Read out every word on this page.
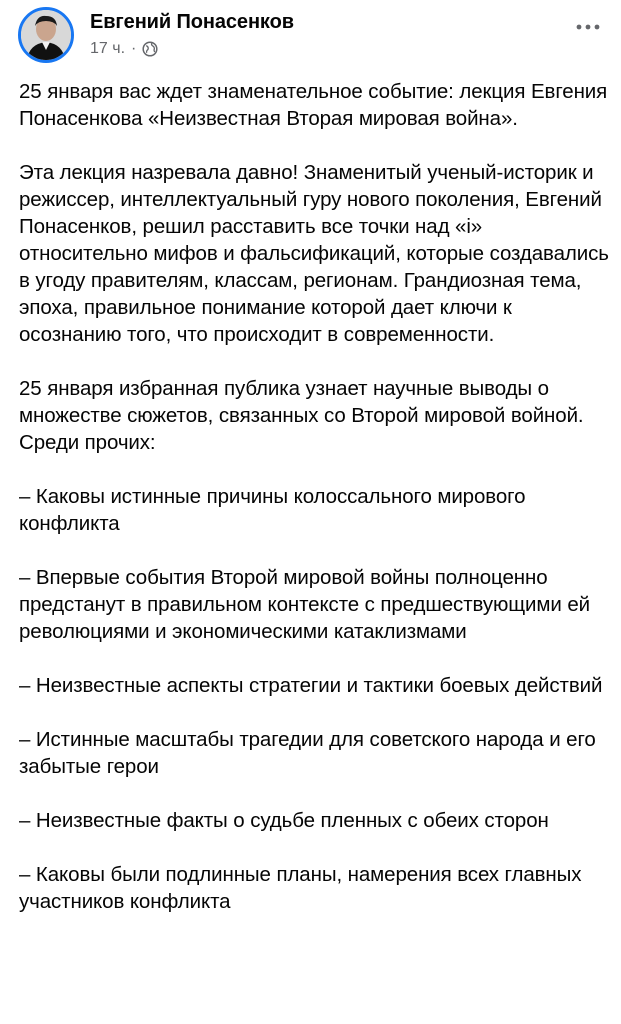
Евгений Понасенков
17 ч. ·

25 января вас ждет знаменательное событие: лекция Евгения Понасенкова «Неизвестная Вторая мировая война».

Эта лекция назревала давно! Знаменитый ученый-историк и режиссер, интеллектуальный гуру нового поколения, Евгений Понасенков, решил расставить все точки над «i» относительно мифов и фальсификаций, которые создавались в угоду правителям, классам, регионам. Грандиозная тема, эпоха, правильное понимание которой дает ключи к осознанию того, что происходит в современности.

25 января избранная публика узнает научные выводы о множестве сюжетов, связанных со Второй мировой войной. Среди прочих:

– Каковы истинные причины колоссального мирового конфликта

– Впервые события Второй мировой войны полноценно предстанут в правильном контексте с предшествующими ей революциями и экономическими катаклизмами

– Неизвестные аспекты стратегии и тактики боевых действий

– Истинные масштабы трагедии для советского народа и его забытые герои

– Неизвестные факты о судьбе пленных с обеих сторон

– Каковы были подлинные планы, намерения всех главных участников конфликта
